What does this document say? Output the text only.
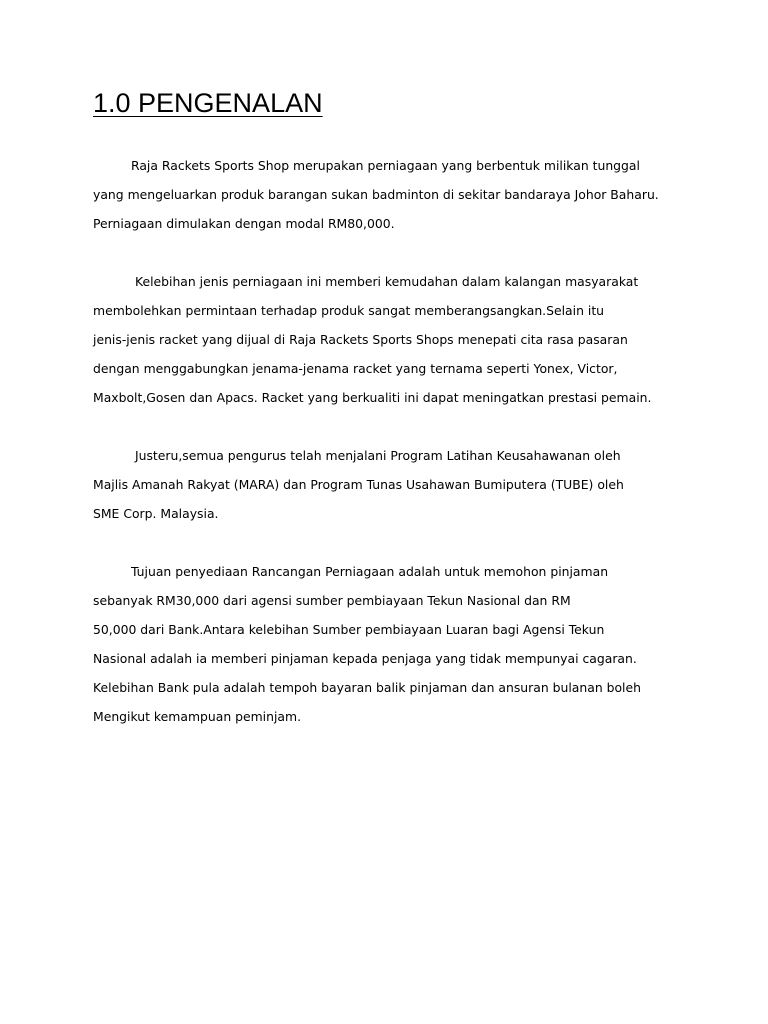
1.0 PENGENALAN

Raja Rackets Sports Shop merupakan perniagaan yang berbentuk milikan tunggal

yang mengeluarkan produk barangan sukan badminton di sekitar bandaraya Johor Baharu.

Perniagaan dimulakan dengan modal RM80,000.

Kelebihan jenis perniagaan ini memberi kemudahan dalam kalangan masyarakat

membolehkan permintaan terhadap produk sangat memberangsangkan.Selain itu

jenis-jenis racket yang dijual di Raja Rackets Sports Shops menepati cita rasa pasaran

dengan menggabungkan jenama-jenama racket yang ternama seperti Yonex, Victor,

Maxbolt,Gosen dan Apacs. Racket yang berkualiti ini dapat meningatkan prestasi pemain.

Justeru,semua pengurus telah menjalani Program Latihan Keusahawanan oleh

Majlis Amanah Rakyat (MARA) dan Program Tunas Usahawan Bumiputera (TUBE) oleh

SME Corp. Malaysia.

Tujuan penyediaan Rancangan Perniagaan adalah untuk memohon pinjaman

sebanyak RM30,000 dari agensi sumber pembiayaan Tekun Nasional dan RM

50,000 dari Bank.Antara kelebihan Sumber pembiayaan Luaran bagi Agensi Tekun

Nasional adalah ia memberi pinjaman kepada penjaga yang tidak mempunyai cagaran.

Kelebihan Bank pula adalah tempoh bayaran balik pinjaman dan ansuran bulanan boleh

Mengikut kemampuan peminjam.
